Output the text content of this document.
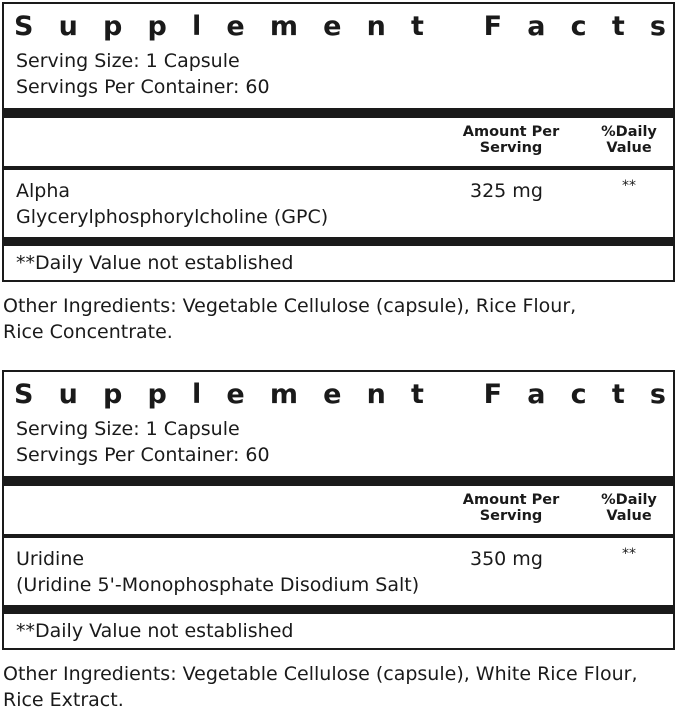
S u p p l e m e n t
F a c t s
Serving Size: 1 Capsule
Servings Per Container: 60
Amount Per Serving
%Daily Value
Alpha
Glycerylphosphorylcholine (GPC)
325 mg	**
**Daily Value not established
Other Ingredients: Vegetable Cellulose (capsule), Rice Flour,
Rice Concentrate.
S u p p l e m e n t
F a c t s
Serving Size: 1 Capsule
Servings Per Container: 60
Amount Per Serving
%Daily Value
Uridine
(Uridine 5'-Monophosphate Disodium Salt)
350 mg	**
**Daily Value not established
Other Ingredients: Vegetable Cellulose (capsule), White Rice Flour,
Rice Extract.
